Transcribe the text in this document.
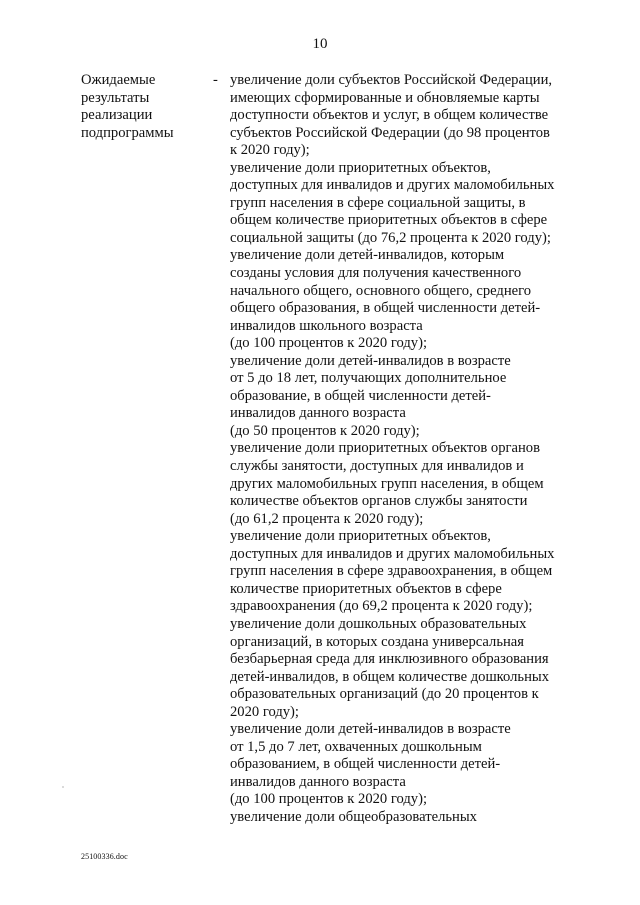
10
Ожидаемые
результаты
реализации
подпрограммы
- увеличение доли субъектов Российской Федерации,
имеющих сформированные и обновляемые карты
доступности объектов и услуг, в общем количестве
субъектов Российской Федерации (до 98 процентов
к 2020 году);
увеличение доли приоритетных объектов,
доступных для инвалидов и других маломобильных
групп населения в сфере социальной защиты, в
общем количестве приоритетных объектов в сфере
социальной защиты (до 76,2 процента к 2020 году);
увеличение доли детей-инвалидов, которым
созданы условия для получения качественного
начального общего, основного общего, среднего
общего образования, в общей численности детей-
инвалидов школьного возраста
(до 100 процентов к 2020 году);
увеличение доли детей-инвалидов в возрасте
от 5 до 18 лет, получающих дополнительное
образование, в общей численности детей-
инвалидов данного возраста
(до 50 процентов к 2020 году);
увеличение доли приоритетных объектов органов
службы занятости, доступных для инвалидов и
других маломобильных групп населения, в общем
количестве объектов органов службы занятости
(до 61,2 процента к 2020 году);
увеличение доли приоритетных объектов,
доступных для инвалидов и других маломобильных
групп населения в сфере здравоохранения, в общем
количестве приоритетных объектов в сфере
здравоохранения (до 69,2 процента к 2020 году);
увеличение доли дошкольных образовательных
организаций, в которых создана универсальная
безбарьерная среда для инклюзивного образования
детей-инвалидов, в общем количестве дошкольных
образовательных организаций (до 20 процентов к
2020 году);
увеличение доли детей-инвалидов в возрасте
от 1,5 до 7 лет, охваченных дошкольным
образованием, в общей численности детей-
инвалидов данного возраста
(до 100 процентов к 2020 году);
увеличение доли общеобразовательных
25100336.doc
